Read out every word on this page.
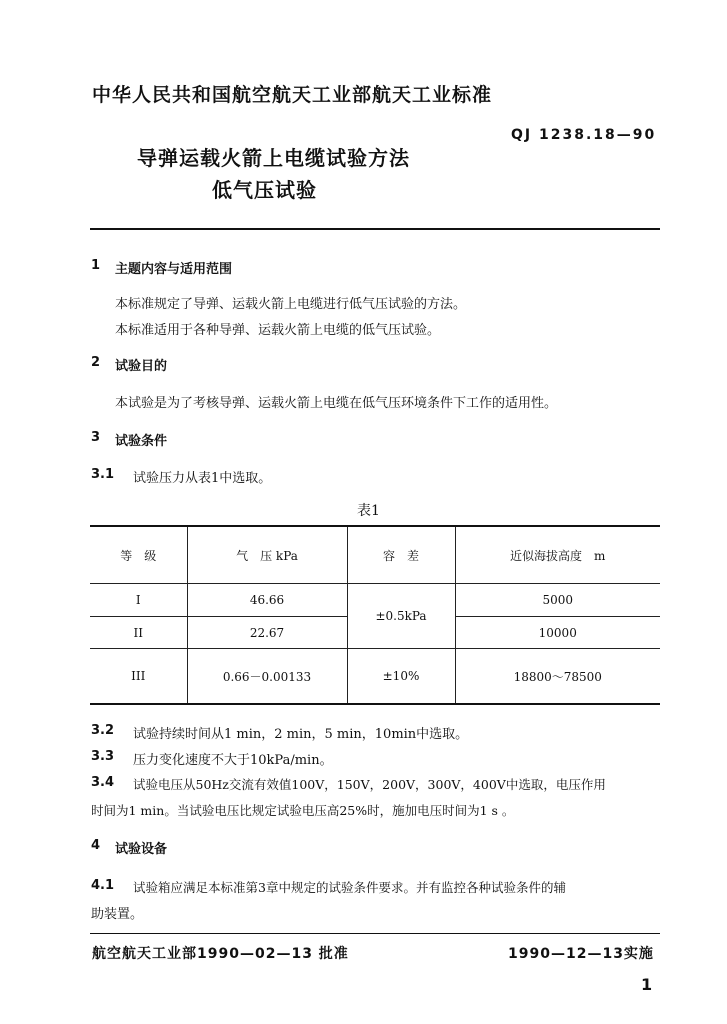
中华人民共和国航空航天工业部航天工业标准
QJ 1238.18—90
导弹运载火箭上电缆试验方法
低气压试验
1 主题内容与适用范围
本标准规定了导弹、运载火箭上电缆进行低气压试验的方法。
本标准适用于各种导弹、运载火箭上电缆的低气压试验。
2 试验目的
本试验是为了考核导弹、运载火箭上电缆在低气压环境条件下工作的适用性。
3 试验条件
3.1 试验压力从表1中选取。
表1
等　级	气　压 kPa	容　差	近似海拔高度　m
I	46.66	±0.5kPa	5000
II	22.67		10000
III	0.66－0.00133	±10%	18800～78500
3.2 试验持续时间从1 min，2 min，5 min，10min中选取。
3.3 压力变化速度不大于10kPa/min。
3.4 试验电压从50Hz交流有效值100V，150V，200V，300V，400V中选取，电压作用
时间为1 min。当试验电压比规定试验电压高25%时，施加电压时间为1 s 。
4 试验设备
4.1 试验箱应满足本标准第3章中规定的试验条件要求。并有监控各种试验条件的辅
助装置。
航空航天工业部1990—02—13 批准	1990—12—13实施
1
